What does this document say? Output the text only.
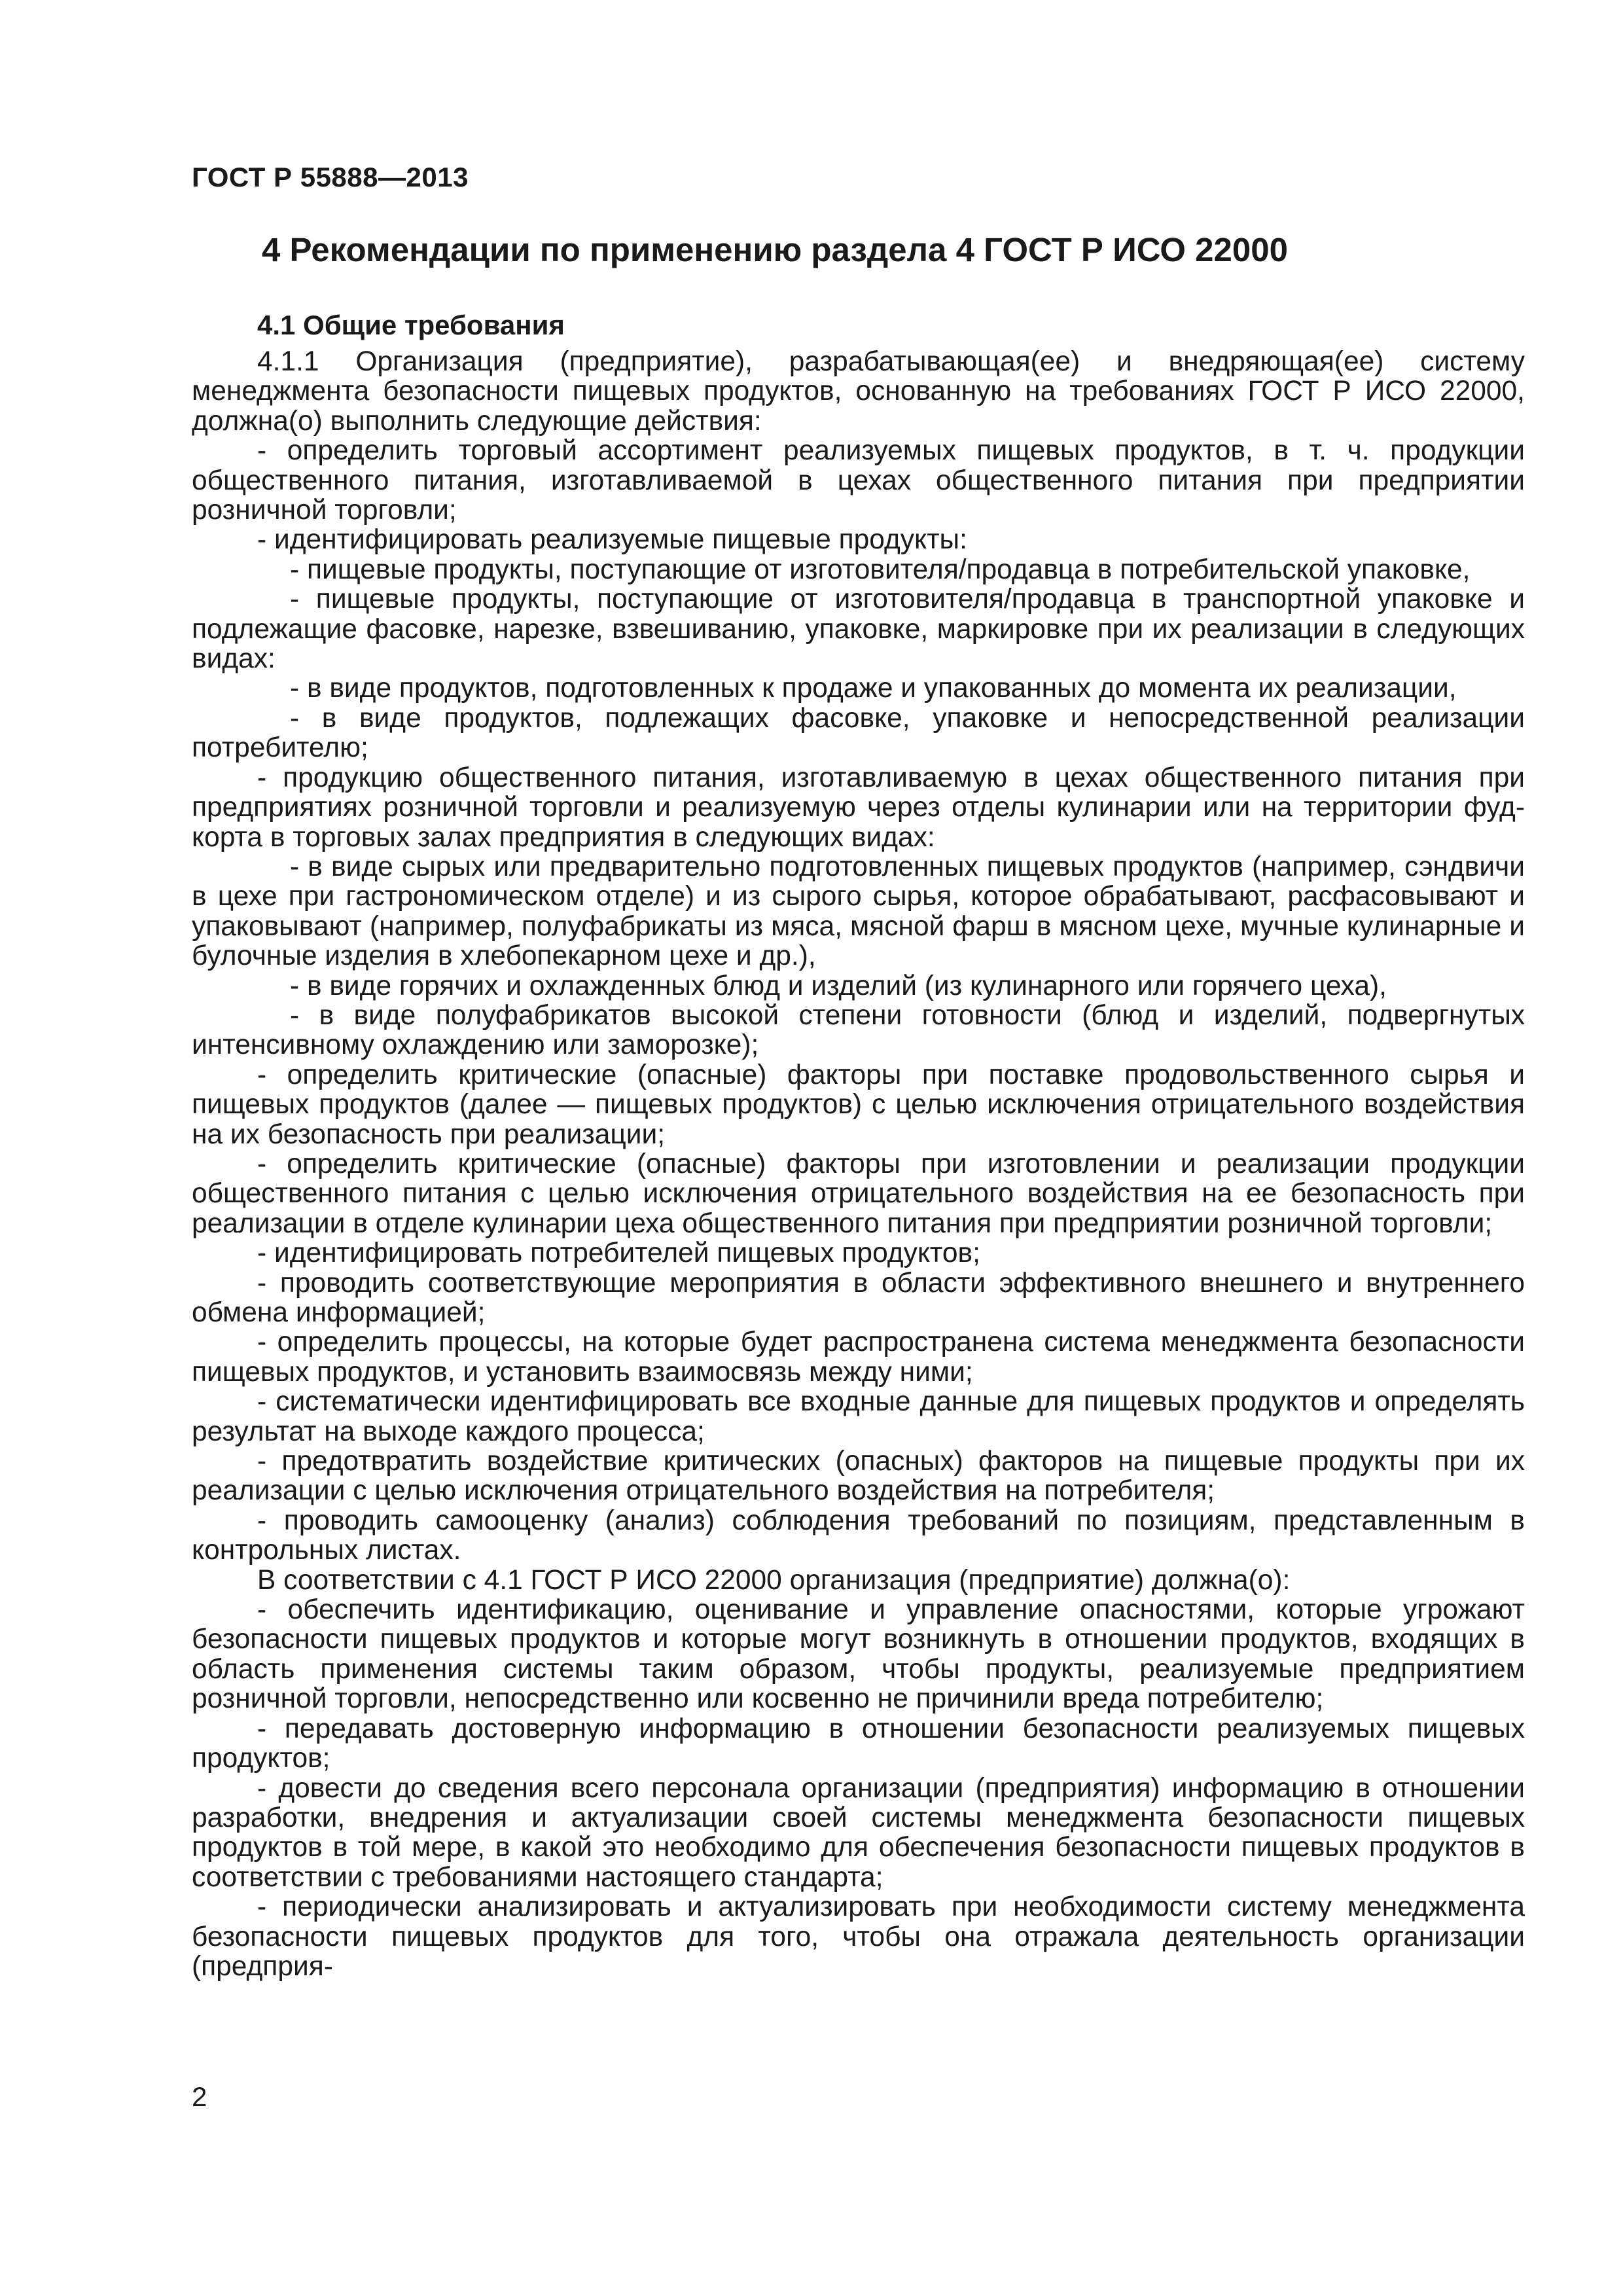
ГОСТ Р 55888—2013
4 Рекомендации по применению раздела 4 ГОСТ Р ИСО 22000
4.1 Общие требования

4.1.1 Организация (предприятие), разрабатывающая(ее) и внедряющая(ее) систему менеджмента безопасности пищевых продуктов, основанную на требованиях ГОСТ Р ИСО 22000, должна(о) выполнить следующие действия:

- определить торговый ассортимент реализуемых пищевых продуктов, в т. ч. продукции общественного питания, изготавливаемой в цехах общественного питания при предприятии розничной торговли;

- идентифицировать реализуемые пищевые продукты:

- пищевые продукты, поступающие от изготовителя/продавца в потребительской упаковке,

- пищевые продукты, поступающие от изготовителя/продавца в транспортной упаковке и подлежащие фасовке, нарезке, взвешиванию, упаковке, маркировке при их реализации в следующих видах:

- в виде продуктов, подготовленных к продаже и упакованных до момента их реализации,

- в виде продуктов, подлежащих фасовке, упаковке и непосредственной реализации потребителю;

- продукцию общественного питания, изготавливаемую в цехах общественного питания при предприятиях розничной торговли и реализуемую через отделы кулинарии или на территории фуд-корта в торговых залах предприятия в следующих видах:

- в виде сырых или предварительно подготовленных пищевых продуктов (например, сэндвичи в цехе при гастрономическом отделе) и из сырого сырья, которое обрабатывают, расфасовывают и упаковывают (например, полуфабрикаты из мяса, мясной фарш в мясном цехе, мучные кулинарные и булочные изделия в хлебопекарном цехе и др.),

- в виде горячих и охлажденных блюд и изделий (из кулинарного или горячего цеха),

- в виде полуфабрикатов высокой степени готовности (блюд и изделий, подвергнутых интенсивному охлаждению или заморозке);

- определить критические (опасные) факторы при поставке продовольственного сырья и пищевых продуктов (далее — пищевых продуктов) с целью исключения отрицательного воздействия на их безопасность при реализации;

- определить критические (опасные) факторы при изготовлении и реализации продукции общественного питания с целью исключения отрицательного воздействия на ее безопасность при реализации в отделе кулинарии цеха общественного питания при предприятии розничной торговли;

- идентифицировать потребителей пищевых продуктов;

- проводить соответствующие мероприятия в области эффективного внешнего и внутреннего обмена информацией;

- определить процессы, на которые будет распространена система менеджмента безопасности пищевых продуктов, и установить взаимосвязь между ними;

- систематически идентифицировать все входные данные для пищевых продуктов и определять результат на выходе каждого процесса;

- предотвратить воздействие критических (опасных) факторов на пищевые продукты при их реализации с целью исключения отрицательного воздействия на потребителя;

- проводить самооценку (анализ) соблюдения требований по позициям, представленным в контрольных листах.

В соответствии с 4.1 ГОСТ Р ИСО 22000 организация (предприятие) должна(о):

- обеспечить идентификацию, оценивание и управление опасностями, которые угрожают безопасности пищевых продуктов и которые могут возникнуть в отношении продуктов, входящих в область применения системы таким образом, чтобы продукты, реализуемые предприятием розничной торговли, непосредственно или косвенно не причинили вреда потребителю;

- передавать достоверную информацию в отношении безопасности реализуемых пищевых продуктов;

- довести до сведения всего персонала организации (предприятия) информацию в отношении разработки, внедрения и актуализации своей системы менеджмента безопасности пищевых продуктов в той мере, в какой это необходимо для обеспечения безопасности пищевых продуктов в соответствии с требованиями настоящего стандарта;

- периодически анализировать и актуализировать при необходимости систему менеджмента безопасности пищевых продуктов для того, чтобы она отражала деятельность организации (предприя-

2
